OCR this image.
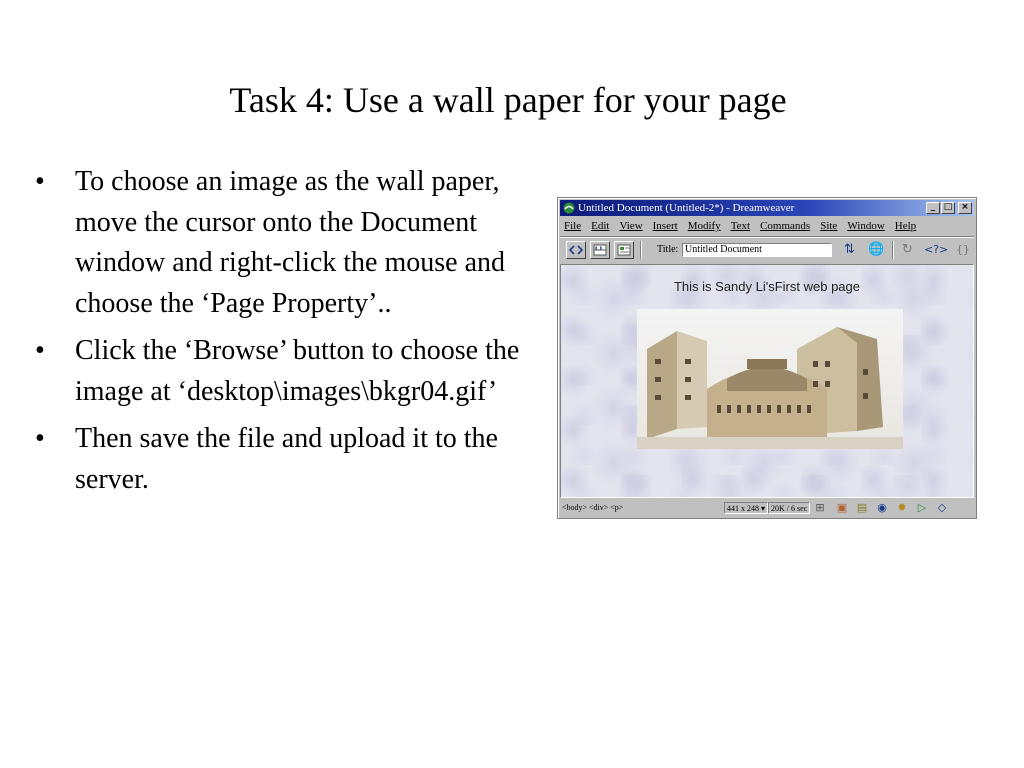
Task 4: Use a wall paper for your page
• To choose an image as the wall paper, move the cursor onto the Document window and right-click the mouse and choose the ‘Page Property’..
• Click the ‘Browse’ button to choose the image at ‘desktop\images\bkgr04.gif’
• Then save the file and upload it to the server.
Untitled Document (Untitled-2*) - Dreamweaver	_ □ ×
File Edit View Insert Modify Text Commands Site Window Help
Title: Untitled Document	⇅ 🌐 ↻ <?> {}
This is Sandy Li'sFirst web page
<body> <div> <p>	441 x 248 ▾ 20K / 6 sec ⊞ ▣ ▤ ◉ ✹ ▷ ◇
